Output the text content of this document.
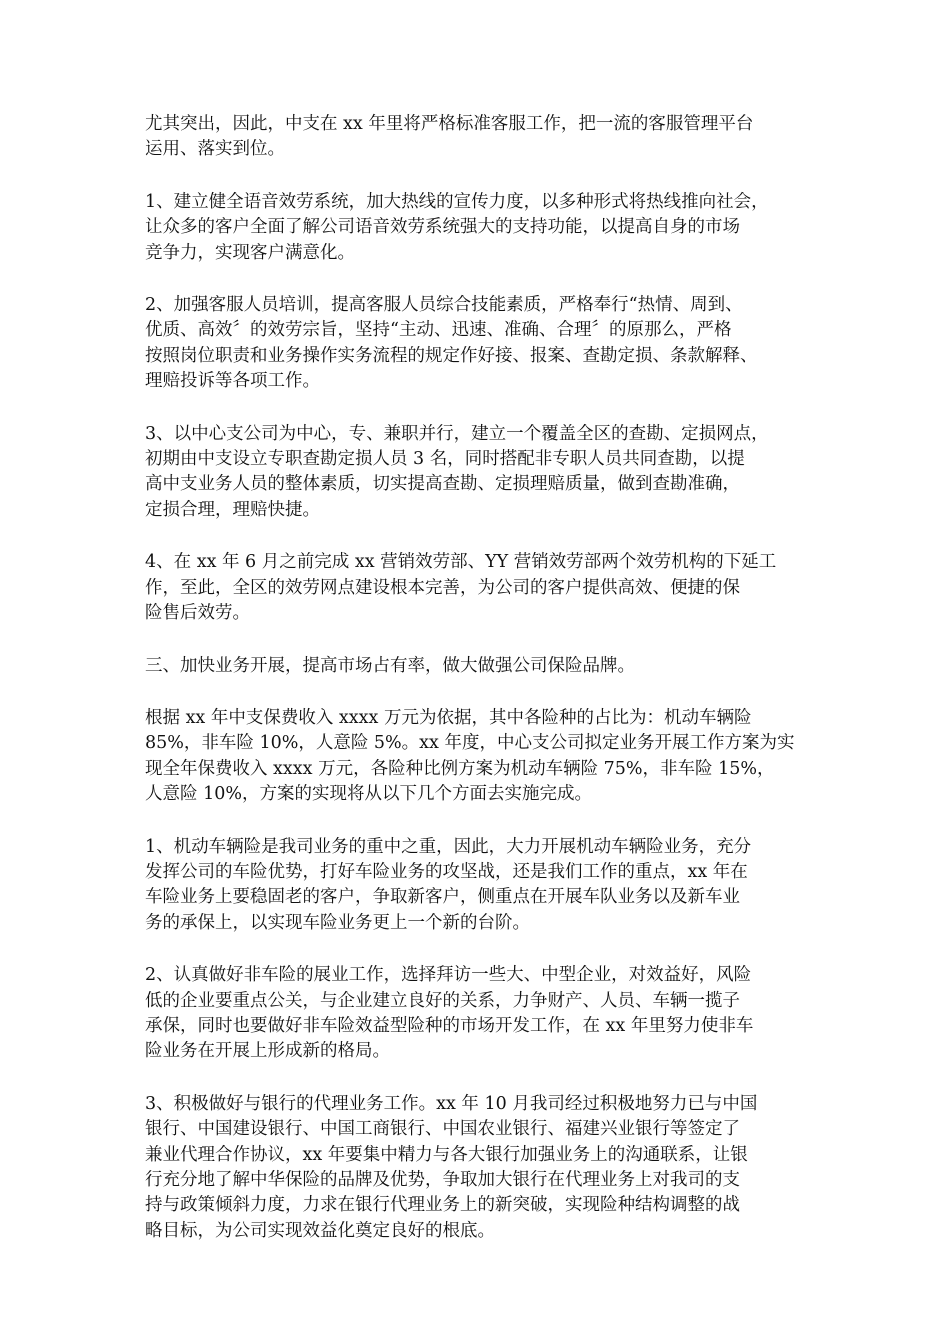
尤其突出，因此，中支在 xx 年里将严格标准客服工作，把一流的客服管理平台
运用、落实到位。
1、建立健全语音效劳系统，加大热线的宣传力度，以多种形式将热线推向社会，
让众多的客户全面了解公司语音效劳系统强大的支持功能，以提高自身的市场
竞争力，实现客户满意化。
2、加强客服人员培训，提高客服人员综合技能素质，严格奉行“热情、周到、
优质、高效〞的效劳宗旨，坚持“主动、迅速、准确、合理〞的原那么，严格
按照岗位职责和业务操作实务流程的规定作好接、报案、查勘定损、条款解释、
理赔投诉等各项工作。
3、以中心支公司为中心，专、兼职并行，建立一个覆盖全区的查勘、定损网点，
初期由中支设立专职查勘定损人员 3 名，同时搭配非专职人员共同查勘，以提
高中支业务人员的整体素质，切实提高查勘、定损理赔质量，做到查勘准确，
定损合理，理赔快捷。
4、在 xx 年 6 月之前完成 xx 营销效劳部、YY 营销效劳部两个效劳机构的下延工
作，至此，全区的效劳网点建设根本完善，为公司的客户提供高效、便捷的保
险售后效劳。
三、加快业务开展，提高市场占有率，做大做强公司保险品牌。
根据 xx 年中支保费收入 xxxx 万元为依据，其中各险种的占比为：机动车辆险
85%，非车险 10%，人意险 5%。xx 年度，中心支公司拟定业务开展工作方案为实
现全年保费收入 xxxx 万元，各险种比例方案为机动车辆险 75%，非车险 15%，
人意险 10%，方案的实现将从以下几个方面去实施完成。
1、机动车辆险是我司业务的重中之重，因此，大力开展机动车辆险业务，充分
发挥公司的车险优势，打好车险业务的攻坚战，还是我们工作的重点，xx 年在
车险业务上要稳固老的客户，争取新客户，侧重点在开展车队业务以及新车业
务的承保上，以实现车险业务更上一个新的台阶。
2、认真做好非车险的展业工作，选择拜访一些大、中型企业，对效益好，风险
低的企业要重点公关，与企业建立良好的关系，力争财产、人员、车辆一揽子
承保，同时也要做好非车险效益型险种的市场开发工作，在 xx 年里努力使非车
险业务在开展上形成新的格局。
3、积极做好与银行的代理业务工作。xx 年 10 月我司经过积极地努力已与中国
银行、中国建设银行、中国工商银行、中国农业银行、福建兴业银行等签定了
兼业代理合作协议，xx 年要集中精力与各大银行加强业务上的沟通联系，让银
行充分地了解中华保险的品牌及优势，争取加大银行在代理业务上对我司的支
持与政策倾斜力度，力求在银行代理业务上的新突破，实现险种结构调整的战
略目标，为公司实现效益化奠定良好的根底。
